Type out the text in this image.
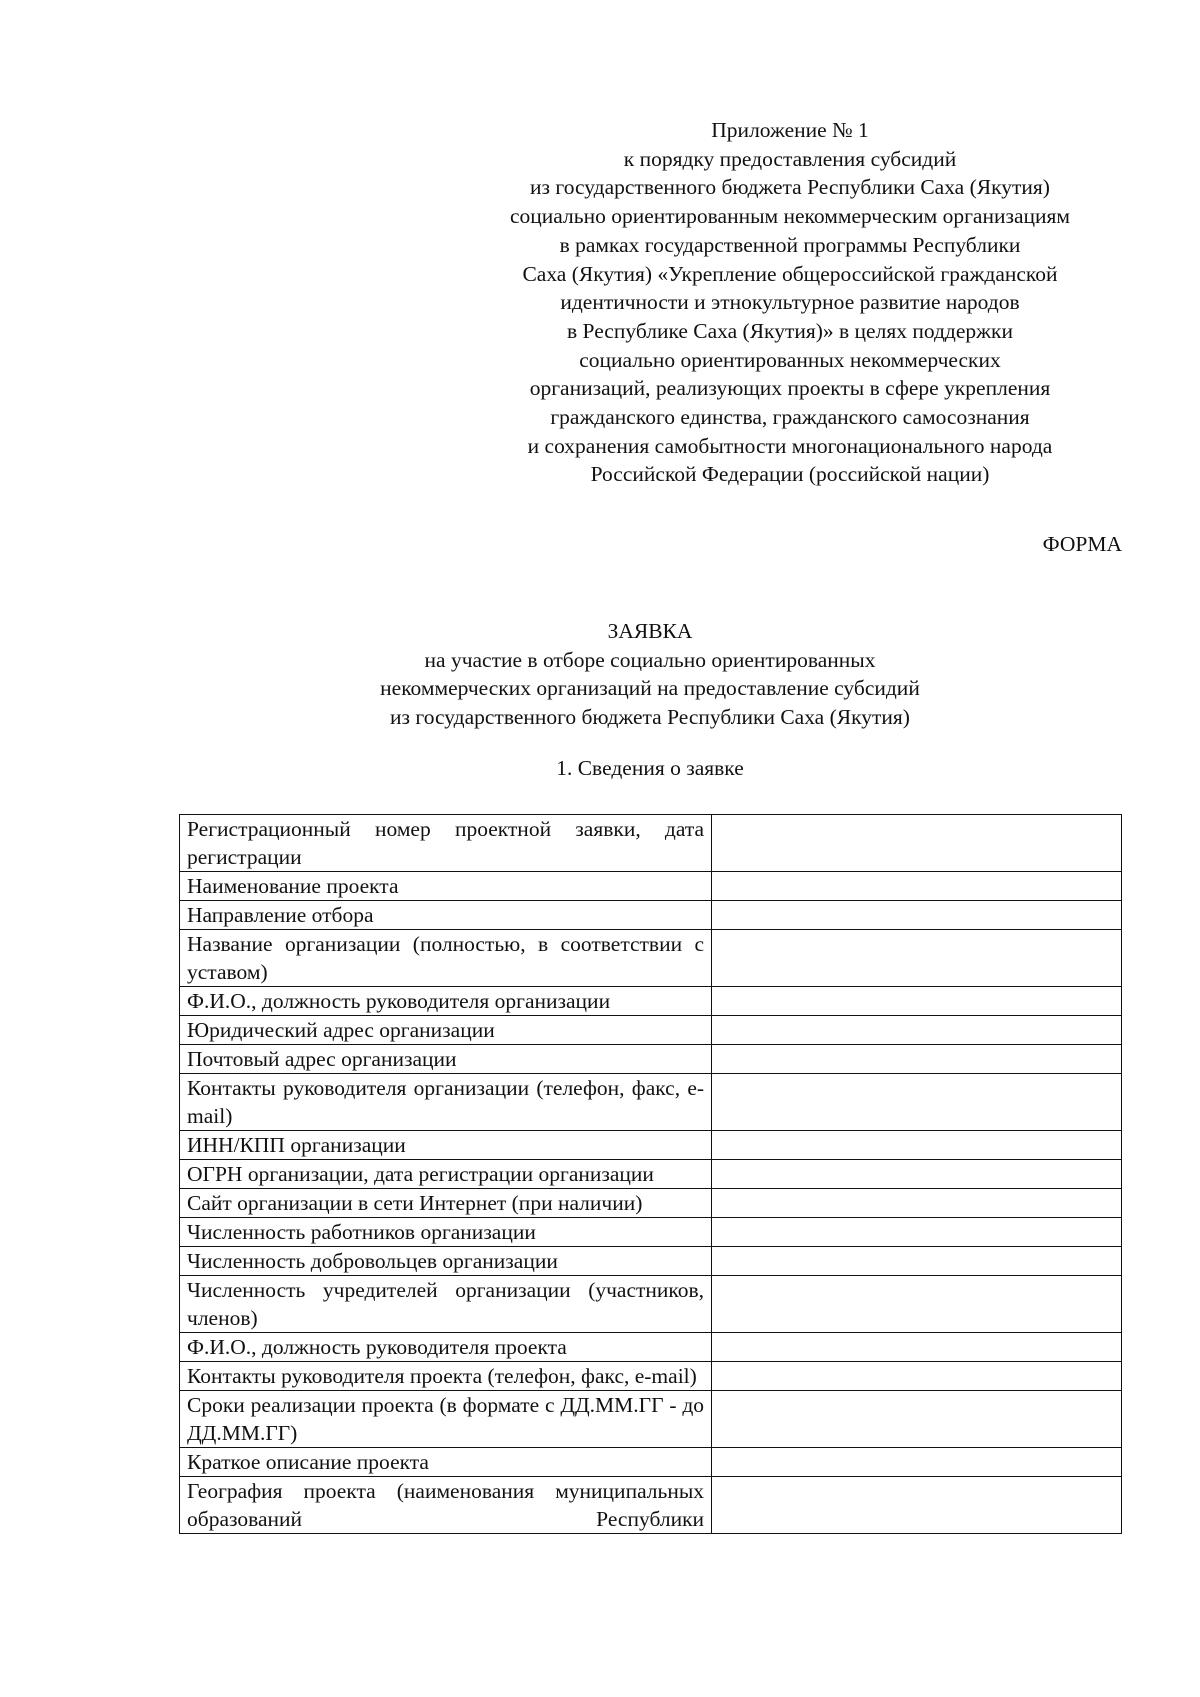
Приложение № 1
к порядку предоставления субсидий
из государственного бюджета Республики Саха (Якутия)
социально ориентированным некоммерческим организациям
в рамках государственной программы Республики
Саха (Якутия) «Укрепление общероссийской гражданской
идентичности и этнокультурное развитие народов
в Республике Саха (Якутия)» в целях поддержки
социально ориентированных некоммерческих
организаций, реализующих проекты в сфере укрепления
гражданского единства, гражданского самосознания
и сохранения самобытности многонационального народа
Российской Федерации (российской нации)
ФОРМА
ЗАЯВКА
на участие в отборе социально ориентированных
некоммерческих организаций на предоставление субсидий
из государственного бюджета Республики Саха (Якутия)
1. Сведения о заявке
Регистрационный номер проектной заявки, дата регистрации	
Наименование проекта	
Направление отбора	
Название организации (полностью, в соответствии с уставом)	
Ф.И.О., должность руководителя организации	
Юридический адрес организации	
Почтовый адрес организации	
Контакты руководителя организации (телефон, факс, e-mail)	
ИНН/КПП организации	
ОГРН организации, дата регистрации организации	
Сайт организации в сети Интернет (при наличии)	
Численность работников организации	
Численность добровольцев организации	
Численность учредителей организации (участников, членов)	
Ф.И.О., должность руководителя проекта	
Контакты руководителя проекта (телефон, факс, e-mail)	
Сроки реализации проекта (в формате с ДД.ММ.ГГ - до ДД.ММ.ГГ)	
Краткое описание проекта	
География проекта (наименования муниципальных образований Республики	
